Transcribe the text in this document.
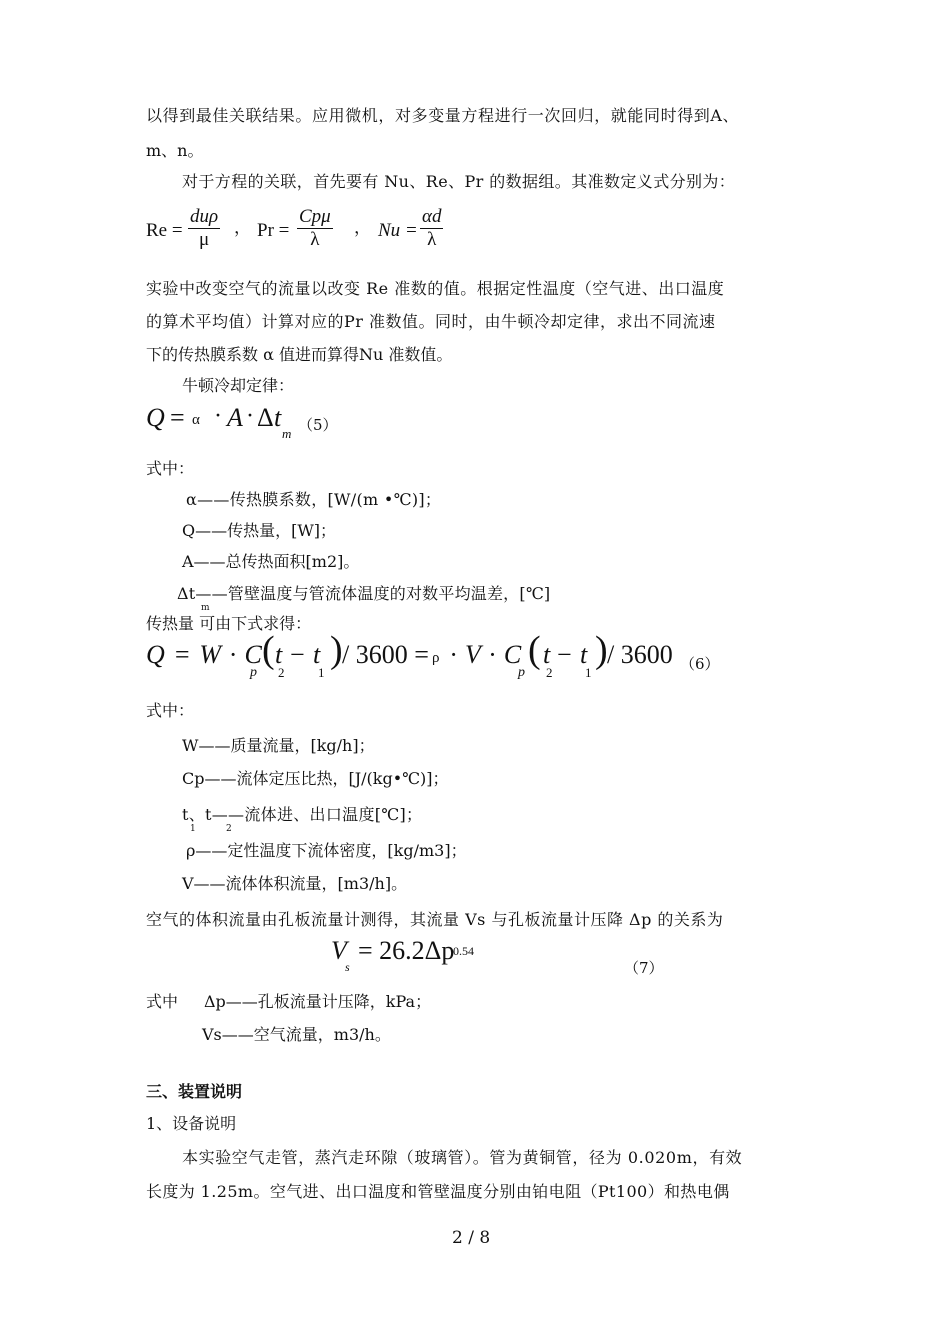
以得到最佳关联结果。应用微机，对多变量方程进行一次回归，就能同时得到A、
m、n。
对于方程的关联，首先要有 Nu、Re、Pr 的数据组。其准数定义式分别为：
Re =
duρ
μ
， Pr =
Cpμ
λ
， Nu =
αd
λ
实验中改变空气的流量以改变 Re 准数的值。根据定性温度（空气进、出口温度
的算术平均值）计算对应的Pr 准数值。同时，由牛顿冷却定律，求出不同流速
下的传热膜系数 α 值进而算得Nu 准数值。
牛顿冷却定律：
Q = α · A · Δ t
m （5）
式中：
α——传热膜系数，[W/(m •℃)]；
Q——传热量，[W]；
A——总传热面积[m2]。
Δt——管壁温度与管流体温度的对数平均温差，[℃]
m
传热量 可由下式求得：
Q = W · C
p
( t
2
− t
1
) / 3600 = ρ · V · C
p
( t
2
− t
1
) / 3600 （6）
式中：
W——质量流量，[kg/h]；
Cp——流体定压比热，[J/(kg•℃)]；
t、t——流体进、出口温度[℃]；
1	2
ρ——定性温度下流体密度，[kg/m3]；
V——流体体积流量，[m3/h]。
空气的体积流量由孔板流量计测得，其流量 Vs 与孔板流量计压降 Δp 的关系为
V
s
= 26.2Δp
0.54
（7）
式中 Δp——孔板流量计压降，kPa；
Vs——空气流量，m3/h。
三、装置说明
1、设备说明
本实验空气走管，蒸汽走环隙（玻璃管）。管为黄铜管，径为 0.020m，有效
长度为 1.25m。空气进、出口温度和管壁温度分别由铂电阻（Pt100）和热电偶
2 / 8
